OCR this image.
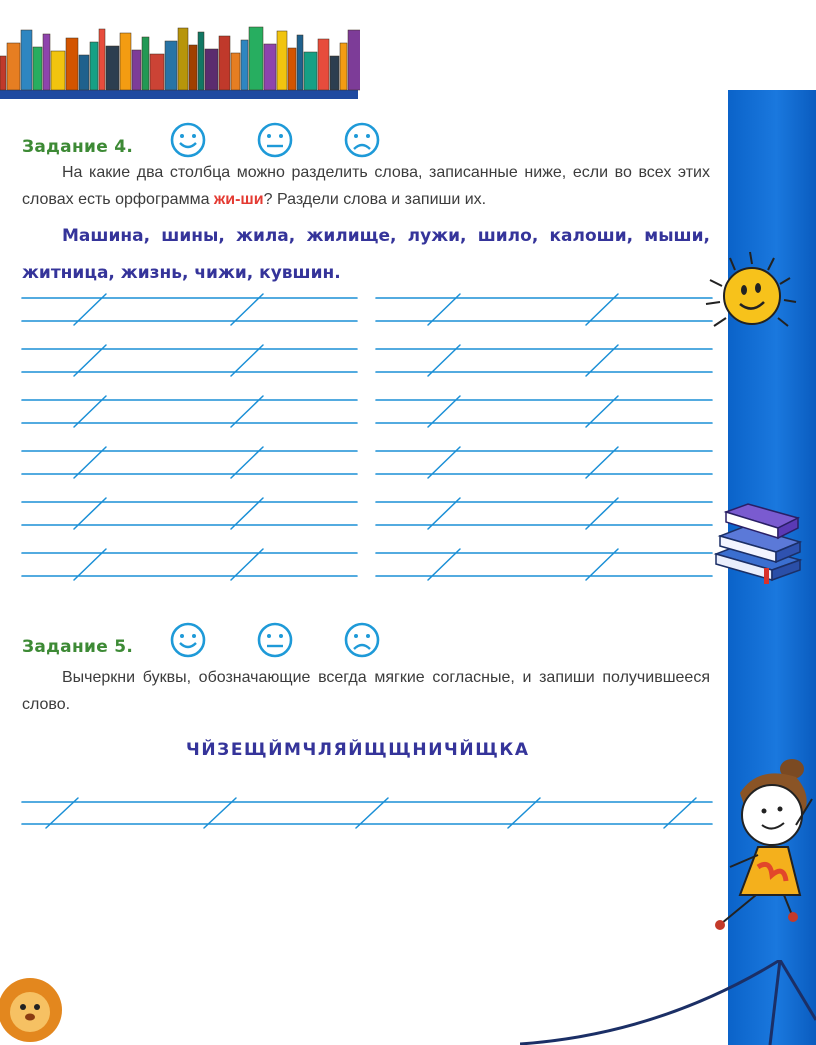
Задание 4.
На какие два столбца можно разделить слова, записанные ниже, если во всех этих словах есть орфограмма жи-ши? Раздели слова и запиши их.
Машина, шины, жила, жилище, лужи, шило, калоши, мыши,
житница, жизнь, чижи, кувшин.
Задание 5.
Вычеркни буквы, обозначающие всегда мягкие согласные, и запиши получившееся слово.
ЧЙЗЕЩЙМЧЛЯЙЩЩНИЧЙЩКА
